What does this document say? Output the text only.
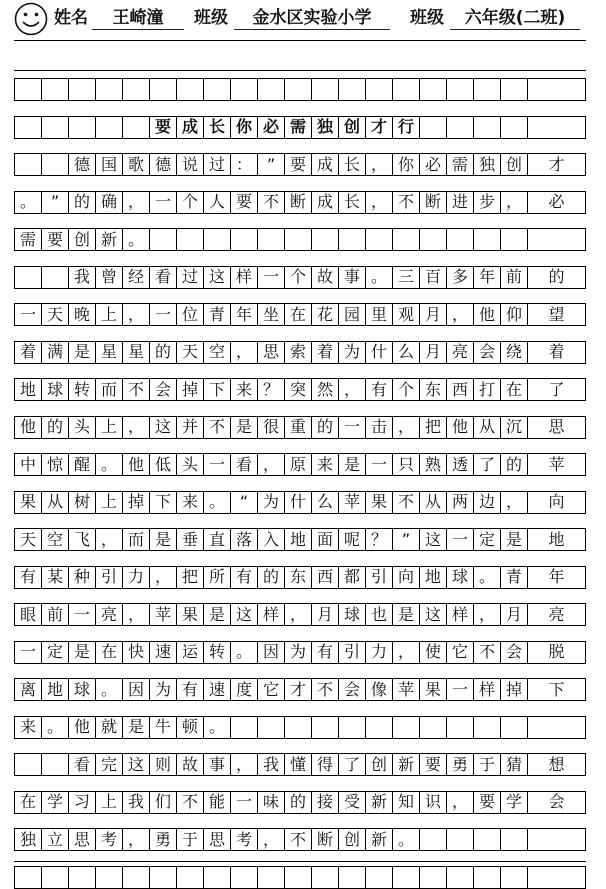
姓名	王崎潼	班级	金水区实验小学	班级	六年级(二班)
要 成 长 你 必 需 独 创 才 行
德 国 歌 德 说 过 ： ” 要 成 长 ， 你 必 需 独 创	才
。 ” 的 确 ， 一 个 人 要 不 断 成 长 ， 不 断 进 步 ，	必
需 要 创 新 。
我 曾 经 看 过 这 样 一 个 故 事 。 三 百 多 年 前	的
一 天 晚 上 ， 一 位 青 年 坐 在 花 园 里 观 月 ， 他 仰	望
着 满 是 星 星 的 天 空 ， 思 索 着 为 什 么 月 亮 会 绕	着
地 球 转 而 不 会 掉 下 来 ？ 突 然 ， 有 个 东 西 打 在	了
他 的 头 上 ， 这 并 不 是 很 重 的 一 击 ， 把 他 从 沉	思
中 惊 醒 。 他 低 头 一 看 ， 原 来 是 一 只 熟 透 了 的	苹
果 从 树 上 掉 下 来 。 “ 为 什 么 苹 果 不 从 两 边 ，	向
天 空 飞 ， 而 是 垂 直 落 入 地 面 呢 ？ ” 这 一 定 是	地
有 某 种 引 力 ， 把 所 有 的 东 西 都 引 向 地 球 。 青	年
眼 前 一 亮 ， 苹 果 是 这 样 ， 月 球 也 是 这 样 ， 月	亮
一 定 是 在 快 速 运 转 。 因 为 有 引 力 ， 使 它 不 会	脱
离 地 球 。 因 为 有 速 度 它 才 不 会 像 苹 果 一 样 掉	下
来 。 他 就 是 牛 顿 。
看 完 这 则 故 事 ， 我 懂 得 了 创 新 要 勇 于 猜	想
在 学 习 上 我 们 不 能 一 味 的 接 受 新 知 识 ， 要 学	会
独 立 思 考 ， 勇 于 思 考 ， 不 断 创 新 。
